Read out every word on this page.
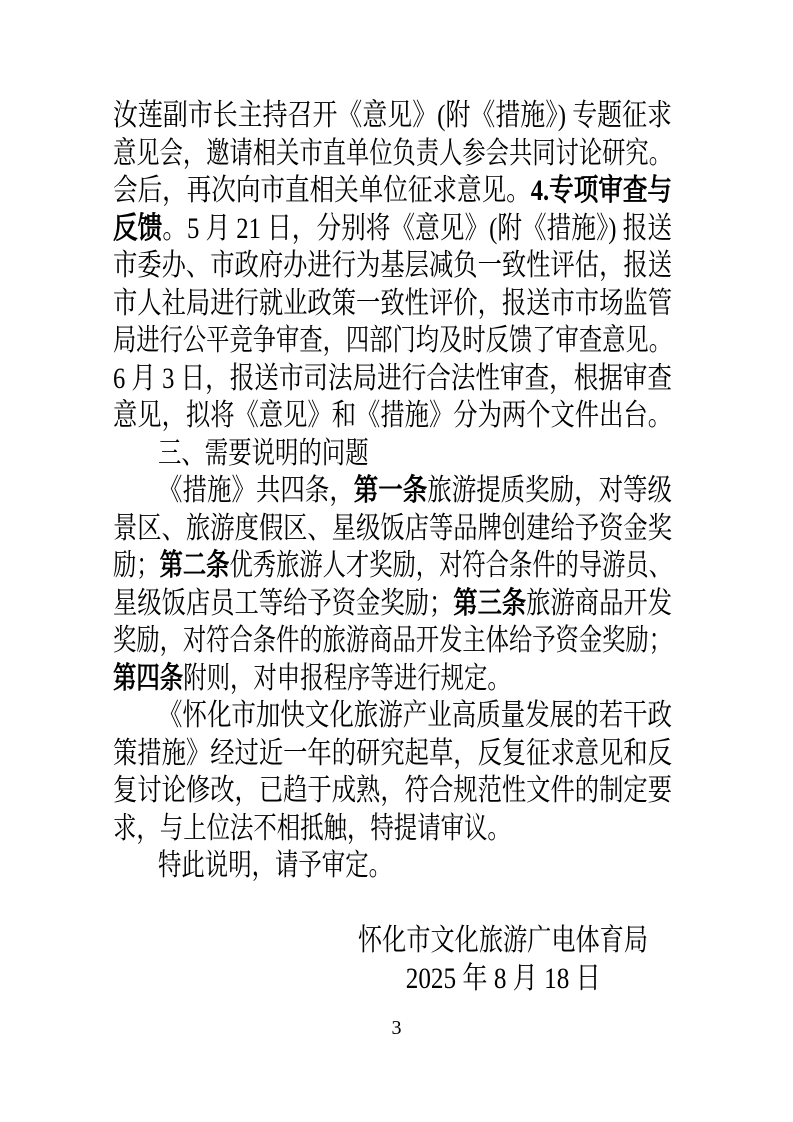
汝莲副市长主持召开《意见》(附《措施》) 专题征求
意见会，邀请相关市直单位负责人参会共同讨论研究。
会后，再次向市直相关单位征求意见。4.专项审查与
反馈。5 月 21 日，分别将《意见》(附《措施》) 报送
市委办、市政府办进行为基层减负一致性评估，报送
市人社局进行就业政策一致性评价，报送市市场监管
局进行公平竞争审查，四部门均及时反馈了审查意见。
6 月 3 日，报送市司法局进行合法性审查，根据审查
意见，拟将《意见》和《措施》分为两个文件出台。
三、需要说明的问题
《措施》共四条，第一条旅游提质奖励，对等级
景区、旅游度假区、星级饭店等品牌创建给予资金奖
励；第二条优秀旅游人才奖励，对符合条件的导游员、
星级饭店员工等给予资金奖励；第三条旅游商品开发
奖励，对符合条件的旅游商品开发主体给予资金奖励；
第四条附则，对申报程序等进行规定。
《怀化市加快文化旅游产业高质量发展的若干政
策措施》经过近一年的研究起草，反复征求意见和反
复讨论修改，已趋于成熟，符合规范性文件的制定要
求，与上位法不相抵触，特提请审议。
特此说明，请予审定。
怀化市文化旅游广电体育局
2025 年 8 月 18 日
3
